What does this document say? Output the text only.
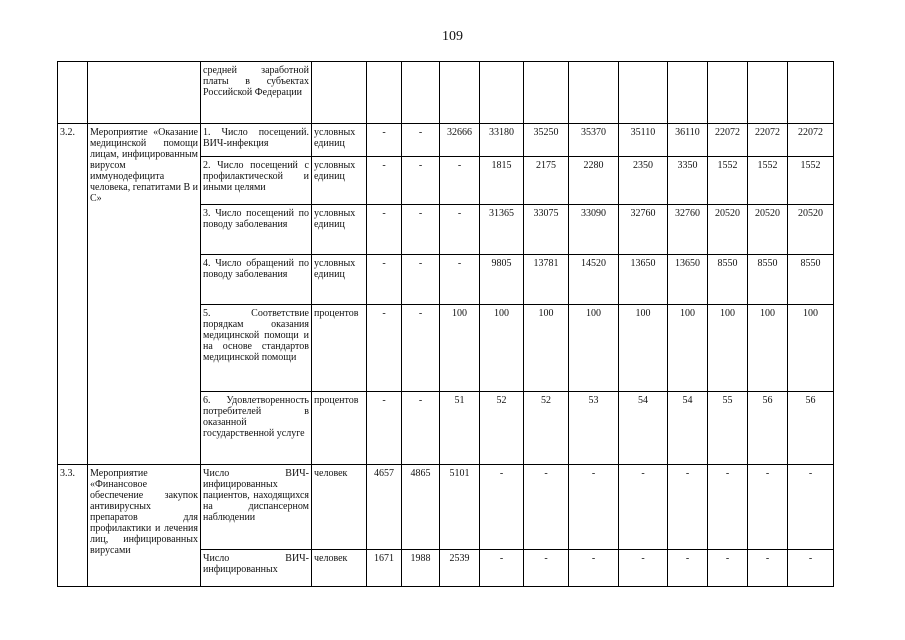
109
		средней заработной платы в субъектах Российской Федерации												
3.2.	Мероприятие «Оказание медицинской помощи лицам, инфицированным вирусом иммунодефицита человека, гепатитами В и С»	1. Число посещений. ВИЧ-инфекция	условных единиц	-	-	32666	33180	35250	35370	35110	36110	22072	22072	22072
		2. Число посещений с профилактической и иными целями	условных единиц	-	-	-	1815	2175	2280	2350	3350	1552	1552	1552
		3. Число посещений по поводу заболевания	условных единиц	-	-	-	31365	33075	33090	32760	32760	20520	20520	20520
		4. Число обращений по поводу заболевания	условных единиц	-	-	-	9805	13781	14520	13650	13650	8550	8550	8550
		5. Соответствие порядкам оказания медицинской помощи и на основе стандартов медицинской помощи	процентов	-	-	100	100	100	100	100	100	100	100	100
		6. Удовлетворенность потребителей в оказанной государственной услуге	процентов	-	-	51	52	52	53	54	54	55	56	56
3.3.	Мероприятие «Финансовое обеспечение закупок антивирусных препаратов для профилактики и лечения лиц, инфицированных вирусами	Число ВИЧ-инфицированных пациентов, находящихся на диспансерном наблюдении	человек	4657	4865	5101	-	-	-	-	-	-	-	-
		Число ВИЧ-инфицированных	человек	1671	1988	2539	-	-	-	-	-	-	-	-
